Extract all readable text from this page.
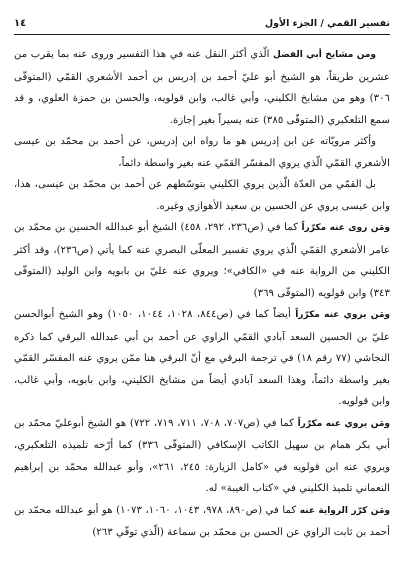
١٤	تفسير القمي / الجزء الأول

ومن مشايخ أبي الفضل الّذي أكثر النقل عنه في هذا التفسير وروى عنه بما يقرب من عشرين طريقاً، هو الشيخ أبو عليّ أحمد بن إدريس بن أحمد الأشعري القمّي (المتوفّى ٣٠٦) وهو من مشايخ الكليني، وأبي غالب، وابن قولويه، والحسن بن حمزة العلوي، و قد سمع التلعكبري (المتوفّى ٣٨٥) عنه يسيراً بغير إجازة.

وأكثر مرويّاته عن ابن إدريس هو ما رواه ابن إدريس، عن أحمد بن محمّد بن عيسى الأشعري القمّي الّذي يروي المفسّر القمّي عنه بغير واسطة دائماً،

بل القمّي من العدّة الّذين يروي الكليني بتوسّطهم عن أحمد بن محمّد بن عيسى، هذا، وابن عيسى يروي عن الحسين بن سعيد الأهوازي وغيره.

ومَن روى عنه مكرّراً كما في (ص٢٣٦، ٢٩٢، ٤٥٨) الشيخ أبو عبدالله الحسين بن محمّد بن عامر الأشعري القمّي الّذي يروي تفسير المعلّى البصري عنه كما يأتي (ص٢٣٦)، وقد أكثر الكليني من الرواية عنه في «الكافي»؛ ويروي عنه عليّ بن بابويه وابن الوليد (المتوفّى ٣٤٣) وابن قولويه (المتوفّى ٣٦٩)

ومَن يروي عنه مكرّراً أيضاً كما في (ص٨٤٤، ١٠٢٨، ١٠٤٤، ١٠٥٠) وهو الشيخ أبوالحسن عليّ بن الحسين السعد آبادي القمّي الراوي عن أحمد بن أبي عبدالله البرقي كما ذكره النجاشي (٧٧ رقم ١٨) في ترجمة البرقي مع أنّ البرقي هنا ممّن يروي عنه المفسّر القمّي بغير واسطة دائماً، وهذا السعد آبادي أيضاً من مشايخ الكليني، وابن بابويه، وأبي غالب، وابن قولويه.

ومَن يروي عنه مكرّراً كما في (ص٧٠٧، ٧٠٨، ٧١١، ٧١٩، ٧٢٢) هو الشيخ أبوعليّ محمّد بن أبي بكر همام بن سهيل الكاتب الإسكافي (المتوفّى ٣٣٦) كما أرّخه تلميذه التلعكبري، ويروي عنه ابن قولويه في «كامل الزيارة: ٢٤٥، ٢٦١»، وأبو عبدالله محمّد بن إبراهيم النعماني تلميذ الكليني في «كتاب الغيبة» له.

ومَن كرّر الرواية عنه كما في (ص٨٩٠، ٩٧٨، ١٠٤٣، ١٠٦٠، ١٠٧٣) هو أبو عبدالله محمّد بن أحمد بن ثابت الراوي عن الحسن بن محمّد بن سماعة (الّذي توفّي ٢٦٣)
